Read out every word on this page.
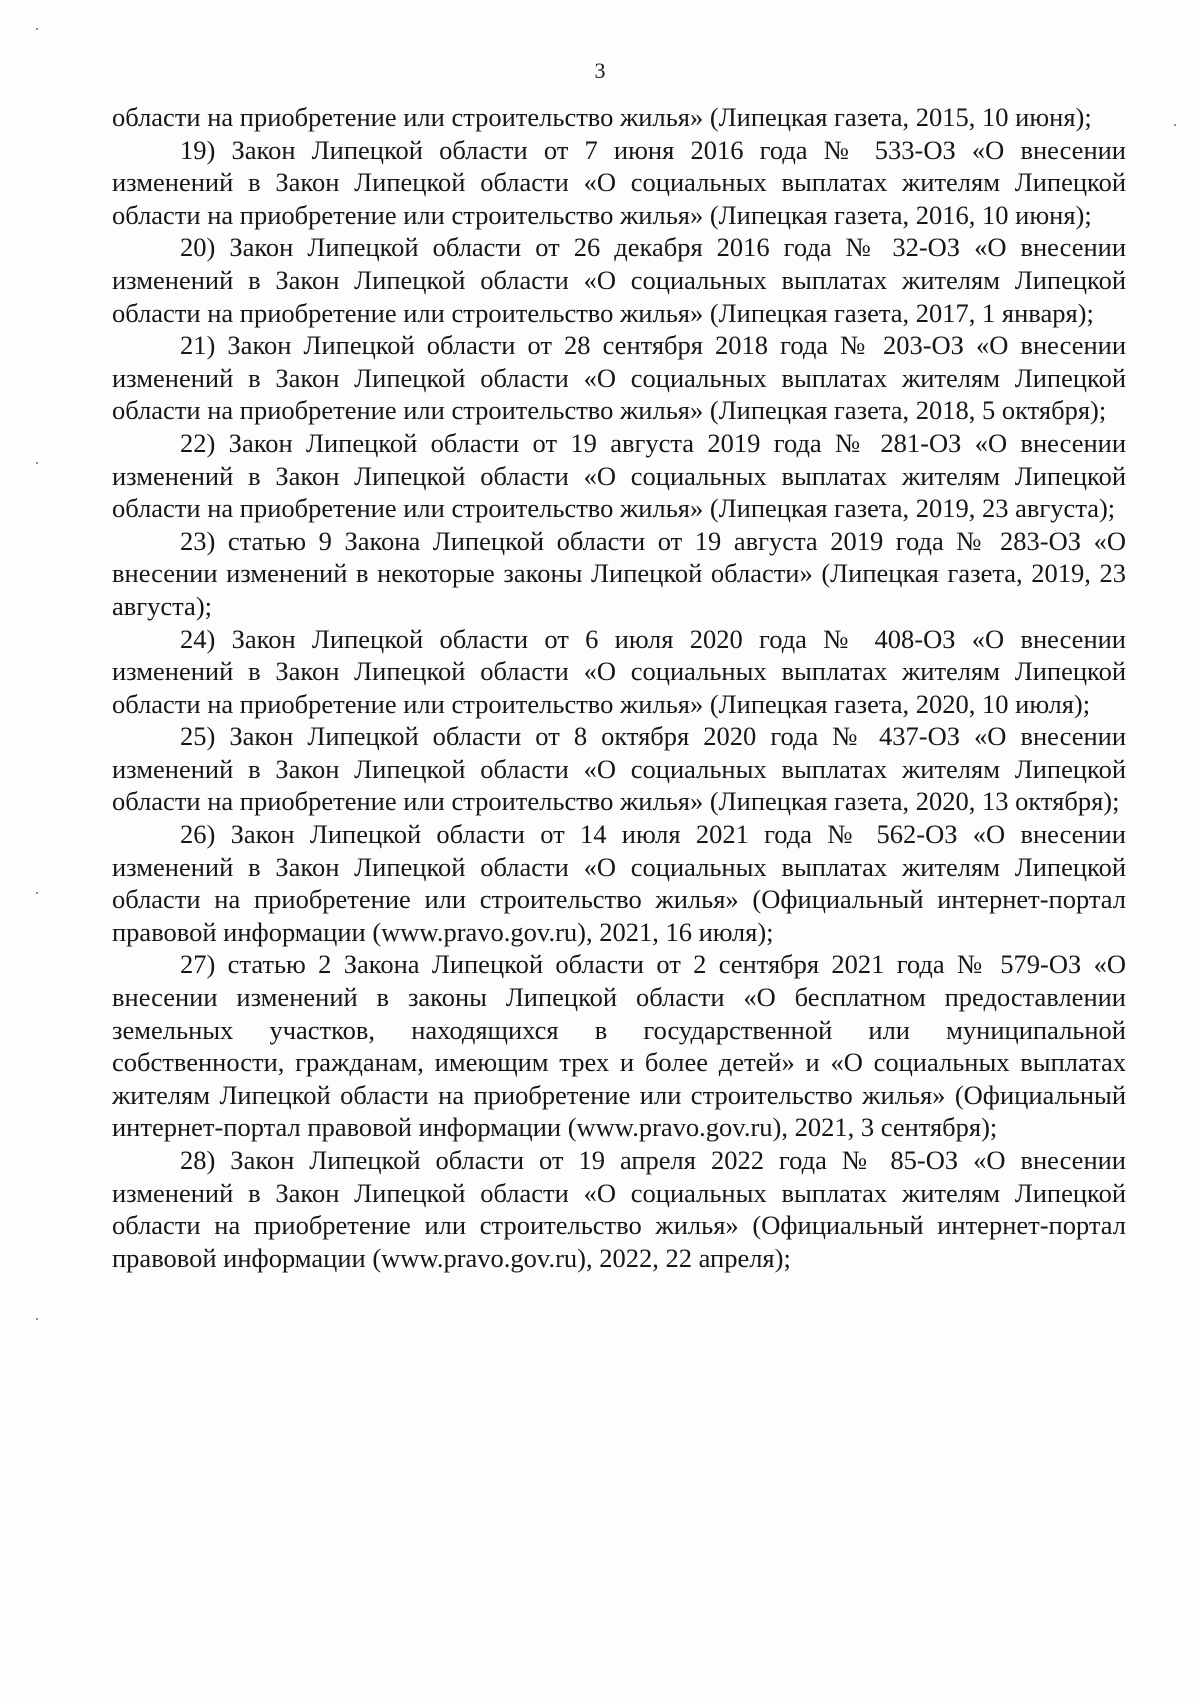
3

области на приобретение или строительство жилья» (Липецкая газета, 2015, 10 июня);

19) Закон Липецкой области от 7 июня 2016 года № 533-ОЗ «О внесении изменений в Закон Липецкой области «О социальных выплатах жителям Липецкой области на приобретение или строительство жилья» (Липецкая газета, 2016, 10 июня);

20) Закон Липецкой области от 26 декабря 2016 года № 32-ОЗ «О внесении изменений в Закон Липецкой области «О социальных выплатах жителям Липецкой области на приобретение или строительство жилья» (Липецкая газета, 2017, 1 января);

21) Закон Липецкой области от 28 сентября 2018 года № 203-ОЗ «О внесении изменений в Закон Липецкой области «О социальных выплатах жителям Липецкой области на приобретение или строительство жилья» (Липецкая газета, 2018, 5 октября);

22) Закон Липецкой области от 19 августа 2019 года № 281-ОЗ «О внесении изменений в Закон Липецкой области «О социальных выплатах жителям Липецкой области на приобретение или строительство жилья» (Липецкая газета, 2019, 23 августа);

23) статью 9 Закона Липецкой области от 19 августа 2019 года № 283-ОЗ «О внесении изменений в некоторые законы Липецкой области» (Липецкая газета, 2019, 23 августа);

24) Закон Липецкой области от 6 июля 2020 года № 408-ОЗ «О внесении изменений в Закон Липецкой области «О социальных выплатах жителям Липецкой области на приобретение или строительство жилья» (Липецкая газета, 2020, 10 июля);

25) Закон Липецкой области от 8 октября 2020 года № 437-ОЗ «О внесении изменений в Закон Липецкой области «О социальных выплатах жителям Липецкой области на приобретение или строительство жилья» (Липецкая газета, 2020, 13 октября);

26) Закон Липецкой области от 14 июля 2021 года № 562-ОЗ «О внесении изменений в Закон Липецкой области «О социальных выплатах жителям Липецкой области на приобретение или строительство жилья» (Официальный интернет-портал правовой информации (www.pravo.gov.ru), 2021, 16 июля);

27) статью 2 Закона Липецкой области от 2 сентября 2021 года № 579-ОЗ «О внесении изменений в законы Липецкой области «О бесплатном предоставлении земельных участков, находящихся в государственной или муниципальной собственности, гражданам, имеющим трех и более детей» и «О социальных выплатах жителям Липецкой области на приобретение или строительство жилья» (Официальный интернет-портал правовой информации (www.pravo.gov.ru), 2021, 3 сентября);

28) Закон Липецкой области от 19 апреля 2022 года № 85-ОЗ «О внесении изменений в Закон Липецкой области «О социальных выплатах жителям Липецкой области на приобретение или строительство жилья» (Официальный интернет-портал правовой информации (www.pravo.gov.ru), 2022, 22 апреля);
